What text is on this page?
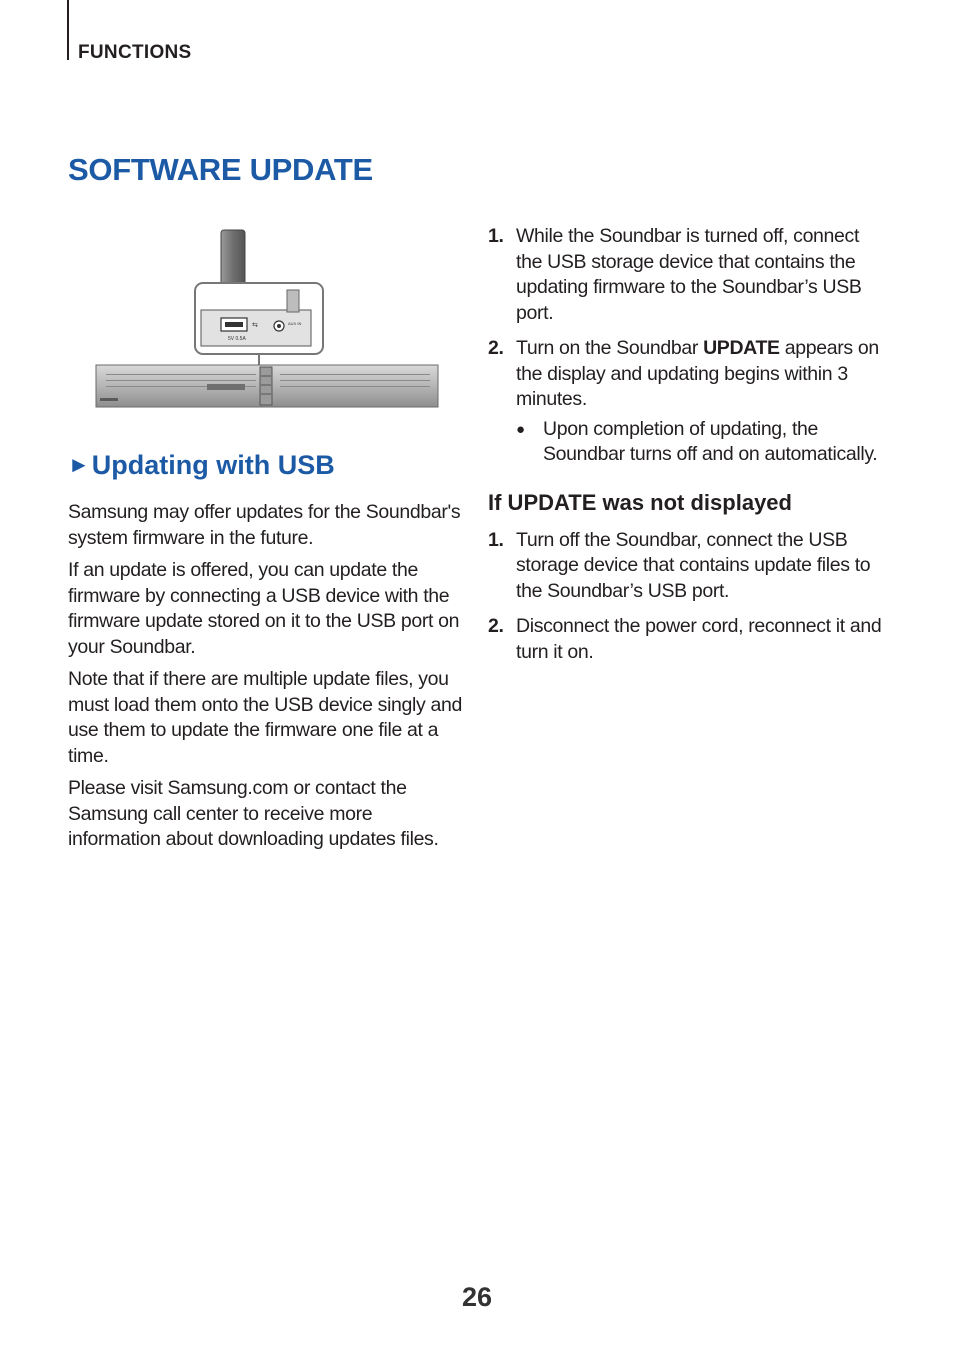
FUNCTIONS
SOFTWARE UPDATE
5V 0.5A
⇆	AUX IN
►Updating with USB

Samsung may offer updates for the Soundbar's system firmware in the future.

If an update is offered, you can update the firmware by connecting a USB device with the firmware update stored on it to the USB port on your Soundbar.

Note that if there are multiple update files, you must load them onto the USB device singly and use them to update the firmware one file at a time.

Please visit Samsung.com or contact the Samsung call center to receive more information about downloading updates files.

1. While the Soundbar is turned off, connect the USB storage device that contains the updating firmware to the Soundbar’s USB port.
2. Turn on the Soundbar UPDATE appears on the display and updating begins within 3 minutes.
● Upon completion of updating, the Soundbar turns off and on automatically.
If UPDATE was not displayed
1. Turn off the Soundbar, connect the USB storage device that contains update files to the Soundbar’s USB port.
2. Disconnect the power cord, reconnect it and turn it on.
26
